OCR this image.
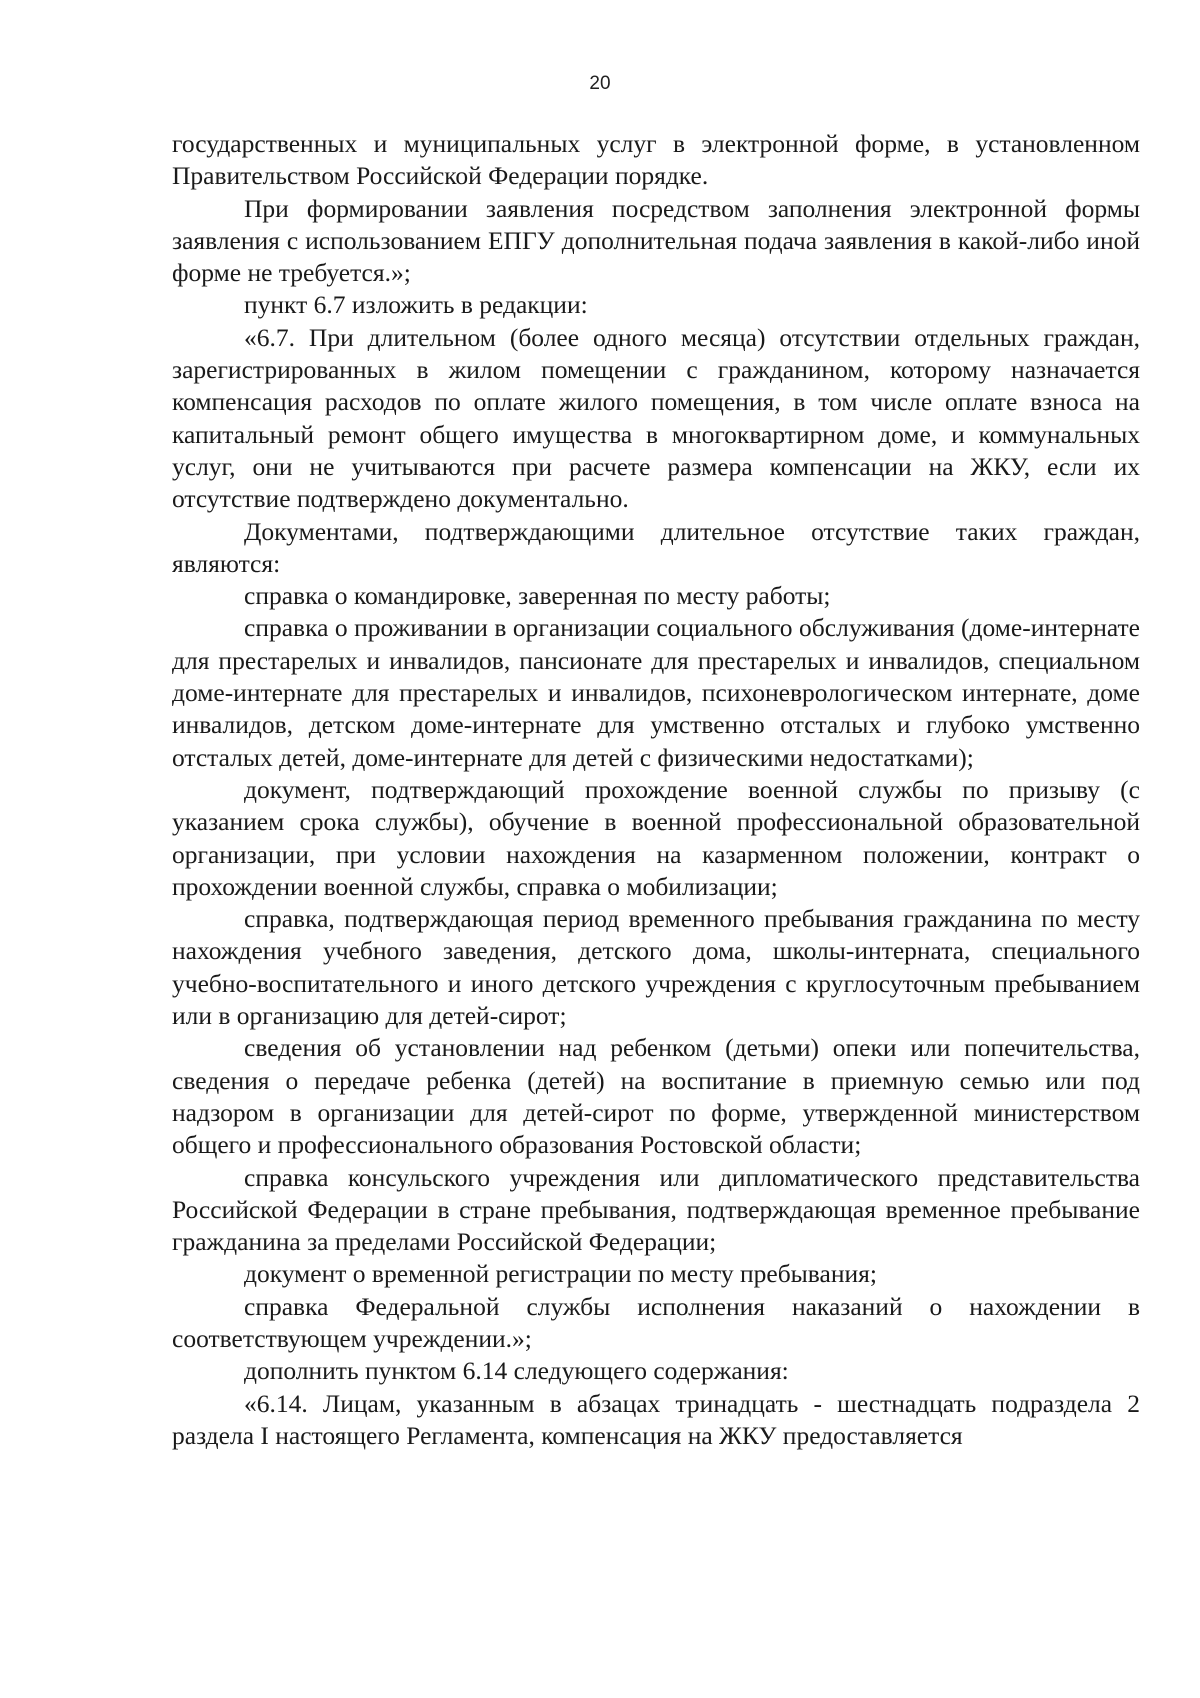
20

государственных и муниципальных услуг в электронной форме, в установленном Правительством Российской Федерации порядке.

При формировании заявления посредством заполнения электронной формы заявления с использованием ЕПГУ дополнительная подача заявления в какой-либо иной форме не требуется.»;

пункт 6.7 изложить в редакции:

«6.7. При длительном (более одного месяца) отсутствии отдельных граждан, зарегистрированных в жилом помещении с гражданином, которому назначается компенсация расходов по оплате жилого помещения, в том числе оплате взноса на капитальный ремонт общего имущества в многоквартирном доме, и коммунальных услуг, они не учитываются при расчете размера компенсации на ЖКУ, если их отсутствие подтверждено документально.

Документами, подтверждающими длительное отсутствие таких граждан, являются:

справка о командировке, заверенная по месту работы;

справка о проживании в организации социального обслуживания (доме-интернате для престарелых и инвалидов, пансионате для престарелых и инвалидов, специальном доме-интернате для престарелых и инвалидов, психоневрологическом интернате, доме инвалидов, детском доме-интернате для умственно отсталых и глубоко умственно отсталых детей, доме-интернате для детей с физическими недостатками);

документ, подтверждающий прохождение военной службы по призыву (с указанием срока службы), обучение в военной профессиональной образовательной организации, при условии нахождения на казарменном положении, контракт о прохождении военной службы, справка о мобилизации;

справка, подтверждающая период временного пребывания гражданина по месту нахождения учебного заведения, детского дома, школы-интерната, специального учебно-воспитательного и иного детского учреждения с круглосуточным пребыванием или в организацию для детей-сирот;

сведения об установлении над ребенком (детьми) опеки или попечительства, сведения о передаче ребенка (детей) на воспитание в приемную семью или под надзором в организации для детей-сирот по форме, утвержденной министерством общего и профессионального образования Ростовской области;

справка консульского учреждения или дипломатического представительства Российской Федерации в стране пребывания, подтверждающая временное пребывание гражданина за пределами Российской Федерации;

документ о временной регистрации по месту пребывания;

справка Федеральной службы исполнения наказаний о нахождении в соответствующем учреждении.»;

дополнить пунктом 6.14 следующего содержания:

«6.14. Лицам, указанным в абзацах тринадцать - шестнадцать подраздела 2 раздела I настоящего Регламента, компенсация на ЖКУ предоставляется
